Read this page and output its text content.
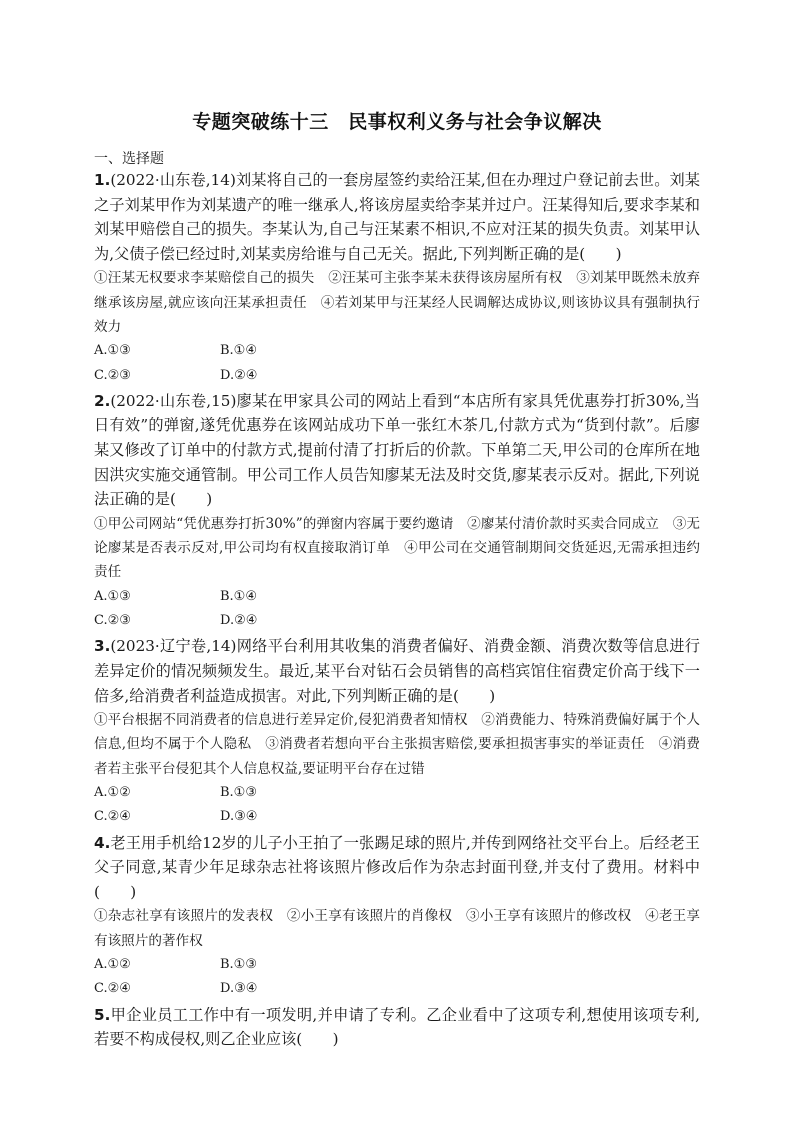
专题突破练十三　民事权利义务与社会争议解决
一、选择题
1.(2022·山东卷,14)刘某将自己的一套房屋签约卖给汪某,但在办理过户登记前去世。刘某之子刘某甲作为刘某遗产的唯一继承人,将该房屋卖给李某并过户。汪某得知后,要求李某和刘某甲赔偿自己的损失。李某认为,自己与汪某素不相识,不应对汪某的损失负责。刘某甲认为,父债子偿已经过时,刘某卖房给谁与自己无关。据此,下列判断正确的是(　　)
①汪某无权要求李某赔偿自己的损失　②汪某可主张李某未获得该房屋所有权　③刘某甲既然未放弃继承该房屋,就应该向汪某承担责任　④若刘某甲与汪某经人民调解达成协议,则该协议具有强制执行效力
A.①③	B.①④
C.②③	D.②④
2.(2022·山东卷,15)廖某在甲家具公司的网站上看到“本店所有家具凭优惠券打折30%,当日有效”的弹窗,遂凭优惠券在该网站成功下单一张红木茶几,付款方式为“货到付款”。后廖某又修改了订单中的付款方式,提前付清了打折后的价款。下单第二天,甲公司的仓库所在地因洪灾实施交通管制。甲公司工作人员告知廖某无法及时交货,廖某表示反对。据此,下列说法正确的是(　　)
①甲公司网站“凭优惠券打折30%”的弹窗内容属于要约邀请　②廖某付清价款时买卖合同成立　③无论廖某是否表示反对,甲公司均有权直接取消订单　④甲公司在交通管制期间交货延迟,无需承担违约责任
A.①③	B.①④
C.②③	D.②④
3.(2023·辽宁卷,14)网络平台利用其收集的消费者偏好、消费金额、消费次数等信息进行差异定价的情况频频发生。最近,某平台对钻石会员销售的高档宾馆住宿费定价高于线下一倍多,给消费者利益造成损害。对此,下列判断正确的是(　　)
①平台根据不同消费者的信息进行差异定价,侵犯消费者知情权　②消费能力、特殊消费偏好属于个人信息,但均不属于个人隐私　③消费者若想向平台主张损害赔偿,要承担损害事实的举证责任　④消费者若主张平台侵犯其个人信息权益,要证明平台存在过错
A.①②	B.①③
C.②④	D.③④
4.老王用手机给12岁的儿子小王拍了一张踢足球的照片,并传到网络社交平台上。后经老王父子同意,某青少年足球杂志社将该照片修改后作为杂志封面刊登,并支付了费用。材料中(　　)
①杂志社享有该照片的发表权　②小王享有该照片的肖像权　③小王享有该照片的修改权　④老王享有该照片的著作权
A.①②	B.①③
C.②④	D.③④
5.甲企业员工工作中有一项发明,并申请了专利。乙企业看中了这项专利,想使用该项专利,若要不构成侵权,则乙企业应该(　　)
